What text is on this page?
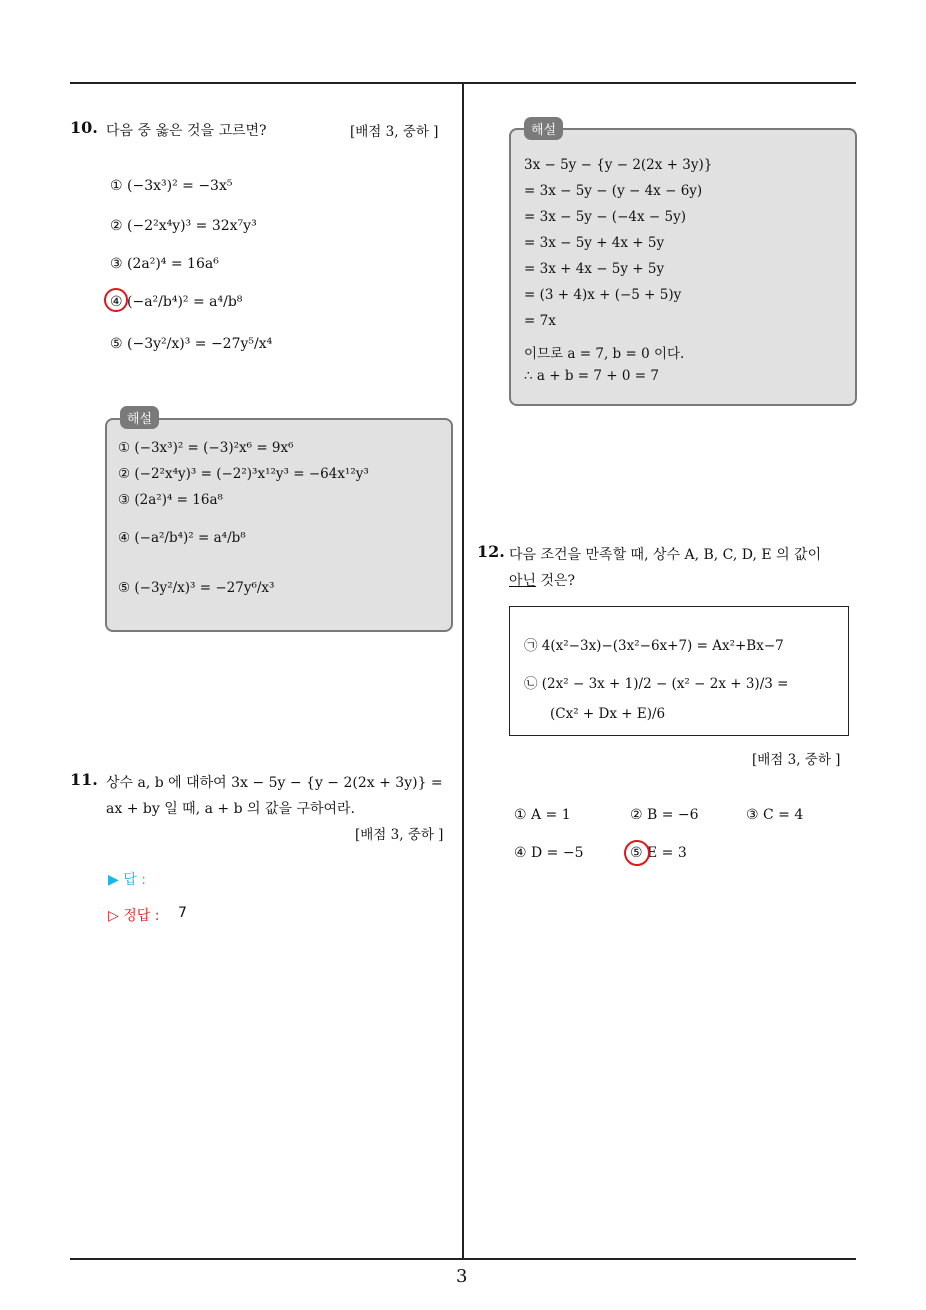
10. 다음 중 옳은 것을 고르면?	[배점 3, 중하 ]
① (−3x³)² = −3x⁵
② (−2²x⁴y)³ = 32x⁷y³
③ (2a²)⁴ = 16a⁶
④ (−a²/b⁴)² = a⁴/b⁸
⑤ (−3y²/x)³ = −27y⁵/x⁴
해설
① (−3x³)² = (−3)²x⁶ = 9x⁶
② (−2²x⁴y)³ = (−2²)³x¹²y³ = −64x¹²y³
③ (2a²)⁴ = 16a⁸
④ (−a²/b⁴)² = a⁴/b⁸
⑤ (−3y²/x)³ = −27y⁶/x³
11. 상수 a, b 에 대하여 3x − 5y − {y − 2(2x + 3y)} =
ax + by 일 때, a + b 의 값을 구하여라.
[배점 3, 중하 ]
▶ 답 :
▷ 정답 : 7
해설
3x − 5y − {y − 2(2x + 3y)}
= 3x − 5y − (y − 4x − 6y)
= 3x − 5y − (−4x − 5y)
= 3x − 5y + 4x + 5y
= 3x + 4x − 5y + 5y
= (3 + 4)x + (−5 + 5)y
= 7x
이므로 a = 7, b = 0 이다.
∴ a + b = 7 + 0 = 7
12. 다음 조건을 만족할 때, 상수 A, B, C, D, E 의 값이
아닌 것은?
㉠ 4(x²−3x)−(3x²−6x+7) = Ax²+Bx−7
㉡ (2x² − 3x + 1)/2 − (x² − 2x + 3)/3 =
(Cx² + Dx + E)/6
[배점 3, 중하 ]
① A = 1	② B = −6	③ C = 4
④ D = −5	⑤ E = 3
3
